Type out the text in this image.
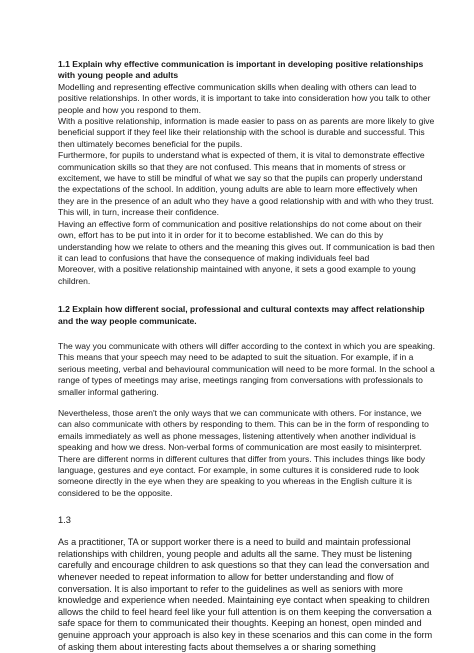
1.1 Explain why effective communication is important in developing positive relationships with young people and adults

Modelling and representing effective communication skills when dealing with others can lead to positive relationships. In other words, it is important to take into consideration how you talk to other people and how you respond to them.

With a positive relationship, information is made easier to pass on as parents are more likely to give beneficial support if they feel like their relationship with the school is durable and successful. This then ultimately becomes beneficial for the pupils.

Furthermore, for pupils to understand what is expected of them, it is vital to demonstrate effective communication skills so that they are not confused. This means that in moments of stress or excitement, we have to still be mindful of what we say so that the pupils can properly understand the expectations of the school. In addition, young adults are able to learn more effectively when they are in the presence of an adult who they have a good relationship with and with who they trust. This will, in turn, increase their confidence.

Having an effective form of communication and positive relationships do not come about on their own, effort has to be put into it in order for it to become established. We can do this by understanding how we relate to others and the meaning this gives out. If communication is bad then it can lead to confusions that have the consequence of making individuals feel bad

Moreover, with a positive relationship maintained with anyone, it sets a good example to young children.

1.2 Explain how different social, professional and cultural contexts may affect relationship and the way people communicate.

The way you communicate with others will differ according to the context in which you are speaking. This means that your speech may need to be adapted to suit the situation. For example, if in a serious meeting, verbal and behavioural communication will need to be more formal. In the school a range of types of meetings may arise, meetings ranging from conversations with professionals to smaller informal gathering.

Nevertheless, those aren't the only ways that we can communicate with others. For instance, we can also communicate with others by responding to them. This can be in the form of responding to emails immediately as well as phone messages, listening attentively when another individual is speaking and how we dress. Non-verbal forms of communication are most easily to misinterpret. There are different norms in different cultures that differ from yours. This includes things like body language, gestures and eye contact. For example, in some cultures it is considered rude to look someone directly in the eye when they are speaking to you whereas in the English culture it is considered to be the opposite.

1.3

As a practitioner, TA or support worker there is a need to build and maintain professional relationships with children, young people and adults all the same. They must be listening carefully and encourage children to ask questions so that they can lead the conversation and whenever needed to repeat information to allow for better understanding and flow of conversation. It is also important to refer to the guidelines as well as seniors with more knowledge and experience when needed. Maintaining eye contact when speaking to children allows the child to feel heard feel like your full attention is on them keeping the conversation a safe space for them to communicated their thoughts. Keeping an honest, open minded and genuine approach your approach is also key in these scenarios and this can come in the form of asking them about interesting facts about themselves a or sharing something
